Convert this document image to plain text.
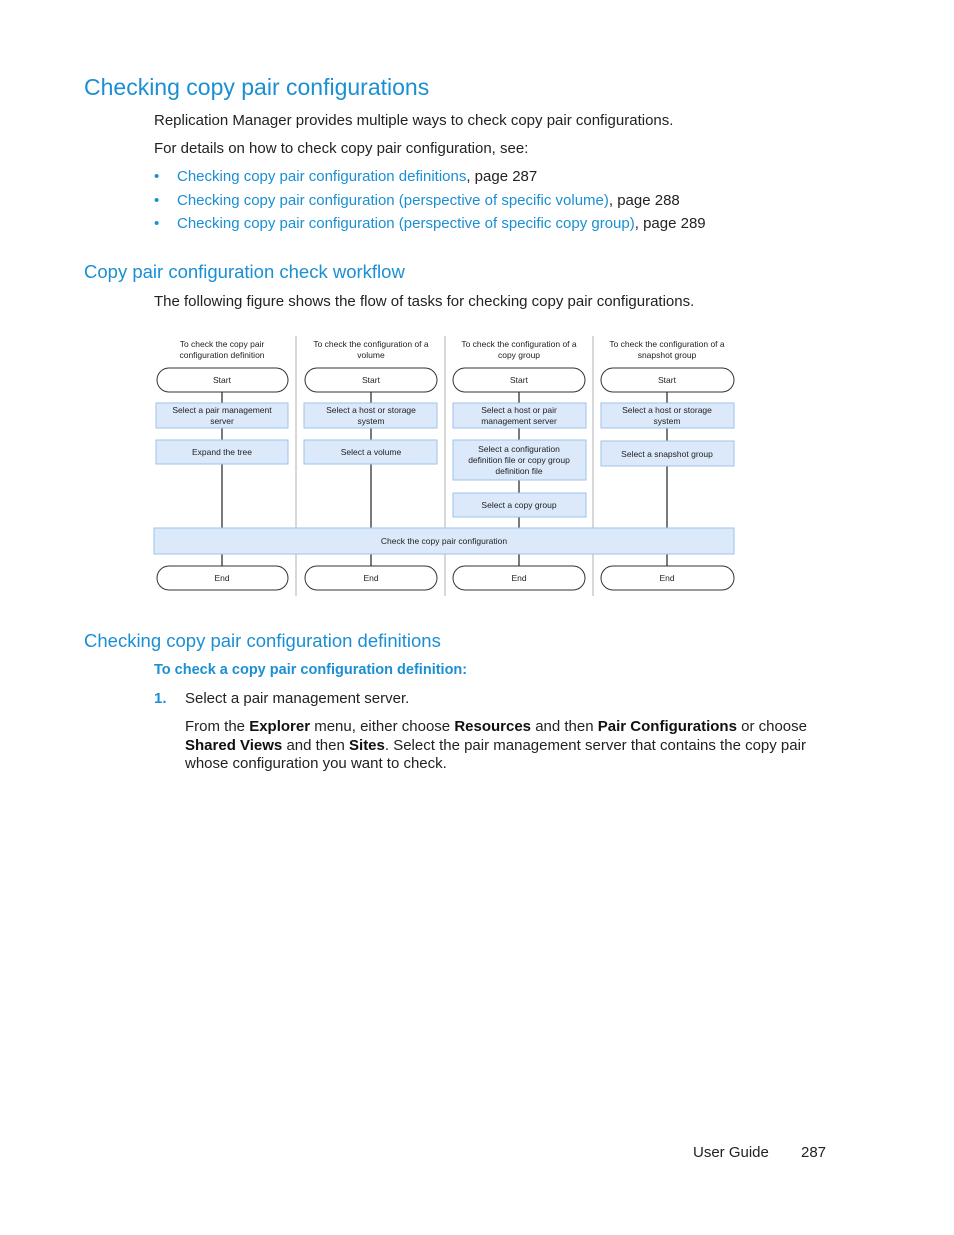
Checking copy pair configurations

Replication Manager provides multiple ways to check copy pair configurations.

For details on how to check copy pair configuration, see:

• Checking copy pair configuration definitions, page 287
• Checking copy pair configuration (perspective of specific volume), page 288
• Checking copy pair configuration (perspective of specific copy group), page 289
Copy pair configuration check workflow

The following figure shows the flow of tasks for checking copy pair configurations.

To check the copy pair
configuration definition
Start
Select a pair management
server
Expand the tree
To check the configuration of a
volume
Start
Select a host or storage
system
Select a volume
To check the configuration of a
copy group
Start
Select a host or pair
management server
Select a configuration
definition file or copy group
definition file
Select a copy group
To check the configuration of a
snapshot group
Start
Select a host or storage
system
Select a snapshot group
Check the copy pair configuration
End	End	End	End
Checking copy pair configuration definitions
To check a copy pair configuration definition:
1. Select a pair management server.

From the Explorer menu, either choose Resources and then Pair Configurations or choose Shared Views and then Sites. Select the pair management server that contains the copy pair whose configuration you want to check.

User Guide 287
